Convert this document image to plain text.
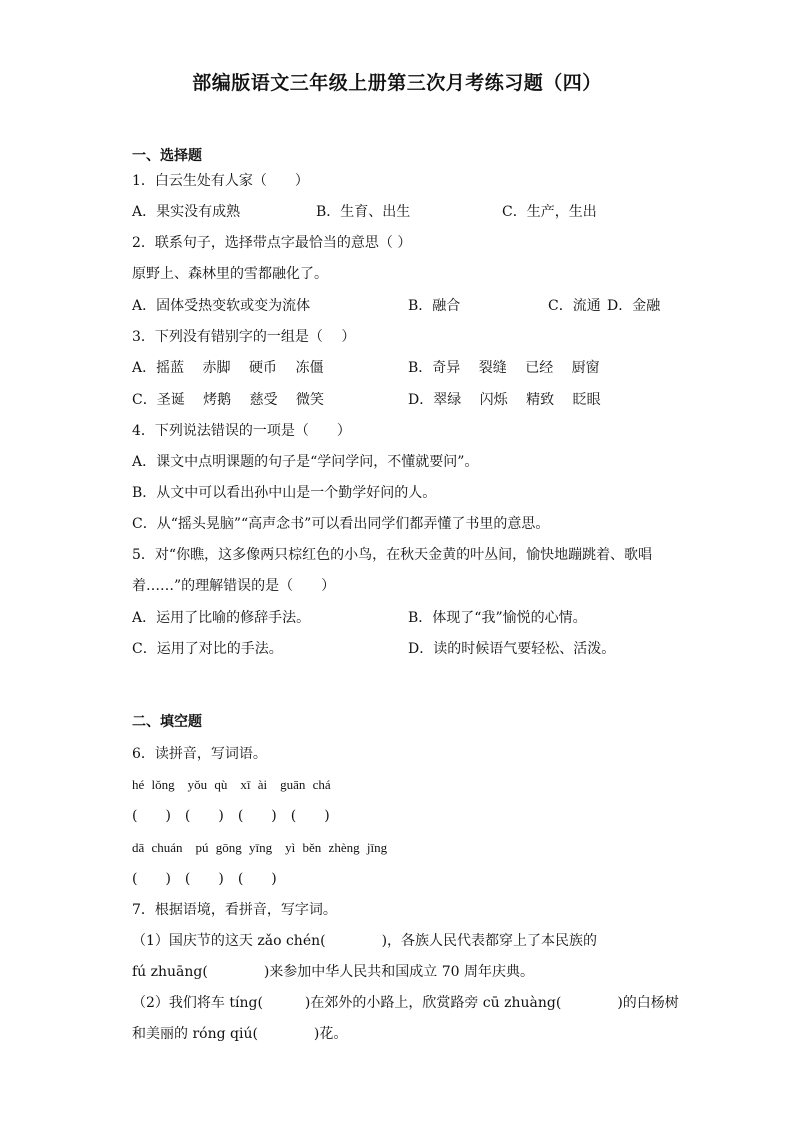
部编版语文三年级上册第三次月考练习题（四）
一、选择题
1．白云生处有人家（　　）
A．果实没有成熟	B．生育、出生	C．生产，生出
2．联系句子，选择带点字最恰当的意思（ ）
原野上、森林里的雪都融化了。
A．固体受热变软或变为流体	B．融合	C．流通 D．金融
3．下列没有错别字的一组是（　 ）
A．摇蓝　 赤脚　 硬币　 冻僵	B．奇异　 裂缝　 已经　 厨窗
C．圣诞　 烤鹅　 慈受　 微笑	D．翠绿　 闪烁　 精致　 眨眼
4．下列说法错误的一项是（　　）
A．课文中点明课题的句子是“学问学问，不懂就要问”。
B．从文中可以看出孙中山是一个勤学好问的人。
C．从“摇头晃脑”“高声念书”可以看出同学们都弄懂了书里的意思。
5．对“你瞧，这多像两只棕红色的小鸟，在秋天金黄的叶丛间，愉快地蹦跳着、歌唱
着……”的理解错误的是（　　）
A．运用了比喻的修辞手法。	B．体现了“我”愉悦的心情。
C．运用了对比的手法。	D．读的时候语气要轻松、活泼。
二、填空题
6．读拼音，写词语。
hé lǒng　yǒu qù　xī ài　guān chá
(　　)　(　　)　(　　)　(　　)
dā chuán　pú gōng yīng　yì běn zhèng jīng
(　　)　(　　)　(　　)
7．根据语境，看拼音，写字词。
（1）国庆节的这天 zǎo chén(　　　　)，各族人民代表都穿上了本民族的
fú zhuāng(　　　　)来参加中华人民共和国成立 70 周年庆典。
（2）我们将车 tíng(　　　)在郊外的小路上，欣赏路旁 cū zhuàng(　　　　)的白杨树
和美丽的 róng qiú(　　　　)花。
